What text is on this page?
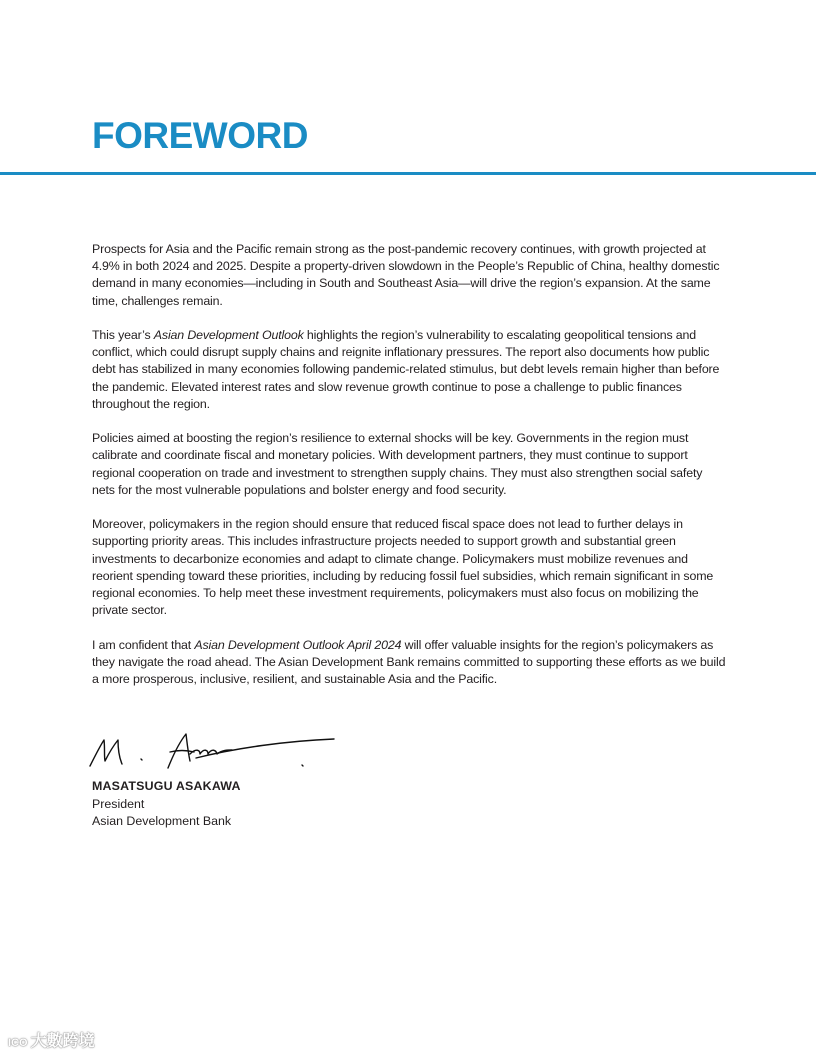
FOREWORD

Prospects for Asia and the Pacific remain strong as the post-pandemic recovery continues, with growth projected at 4.9% in both 2024 and 2025. Despite a property-driven slowdown in the People’s Republic of China, healthy domestic demand in many economies—including in South and Southeast Asia—will drive the region’s expansion. At the same time, challenges remain.

This year’s Asian Development Outlook highlights the region’s vulnerability to escalating geopolitical tensions and conflict, which could disrupt supply chains and reignite inflationary pressures. The report also documents how public debt has stabilized in many economies following pandemic-related stimulus, but debt levels remain higher than before the pandemic. Elevated interest rates and slow revenue growth continue to pose a challenge to public finances throughout the region.

Policies aimed at boosting the region’s resilience to external shocks will be key. Governments in the region must calibrate and coordinate fiscal and monetary policies. With development partners, they must continue to support regional cooperation on trade and investment to strengthen supply chains. They must also strengthen social safety nets for the most vulnerable populations and bolster energy and food security.

Moreover, policymakers in the region should ensure that reduced fiscal space does not lead to further delays in supporting priority areas. This includes infrastructure projects needed to support growth and substantial green investments to decarbonize economies and adapt to climate change. Policymakers must mobilize revenues and reorient spending toward these priorities, including by reducing fossil fuel subsidies, which remain significant in some regional economies. To help meet these investment requirements, policymakers must also focus on mobilizing the private sector.

I am confident that Asian Development Outlook April 2024 will offer valuable insights for the region’s policymakers as they navigate the road ahead. The Asian Development Bank remains committed to supporting these efforts as we build a more prosperous, inclusive, resilient, and sustainable Asia and the Pacific.

MASATSUGU ASAKAWA
President
Asian Development Bank
ICO 大數跨境
